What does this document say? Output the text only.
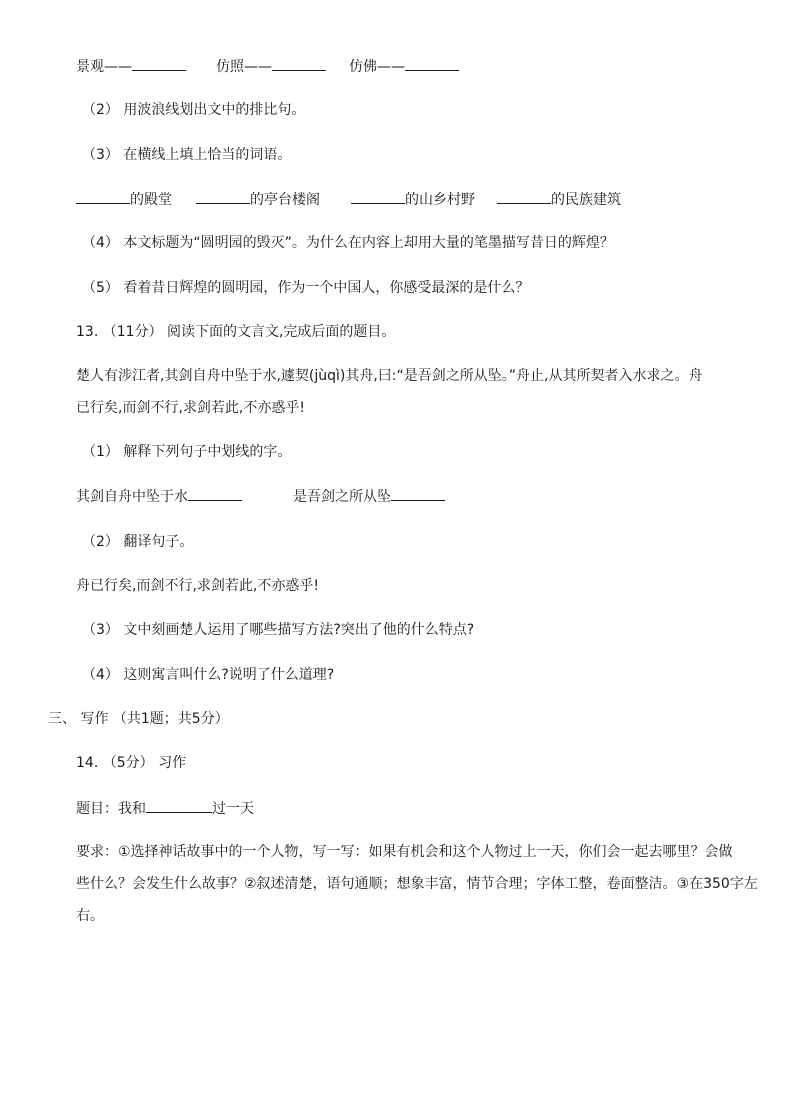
景观——	仿照——	仿佛——
（2） 用波浪线划出文中的排比句。
（3） 在横线上填上恰当的词语。
的殿堂	的亭台楼阁	的山乡村野	的民族建筑
（4） 本文标题为“圆明园的毁灭”。为什么在内容上却用大量的笔墨描写昔日的辉煌？
（5） 看着昔日辉煌的圆明园，作为一个中国人，你感受最深的是什么？
13. （11分） 阅读下面的文言文,完成后面的题目。
楚人有涉江者,其剑自舟中坠于水,遽契(jùqì)其舟,曰:“是吾剑之所从坠。”舟止,从其所契者入水求之。舟
已行矣,而剑不行,求剑若此,不亦惑乎!
（1） 解释下列句子中划线的字。
其剑自舟中坠于水	是吾剑之所从坠
（2） 翻译句子。
舟已行矣,而剑不行,求剑若此,不亦惑乎!
（3） 文中刻画楚人运用了哪些描写方法?突出了他的什么特点?
（4） 这则寓言叫什么?说明了什么道理?
三、 写作 （共1题；共5分）
14. （5分） 习作
题目：我和	过一天
要求：①选择神话故事中的一个人物，写一写：如果有机会和这个人物过上一天，你们会一起去哪里？会做
些什么？会发生什么故事？②叙述清楚，语句通顺；想象丰富，情节合理；字体工整，卷面整洁。③在350字左
右。
